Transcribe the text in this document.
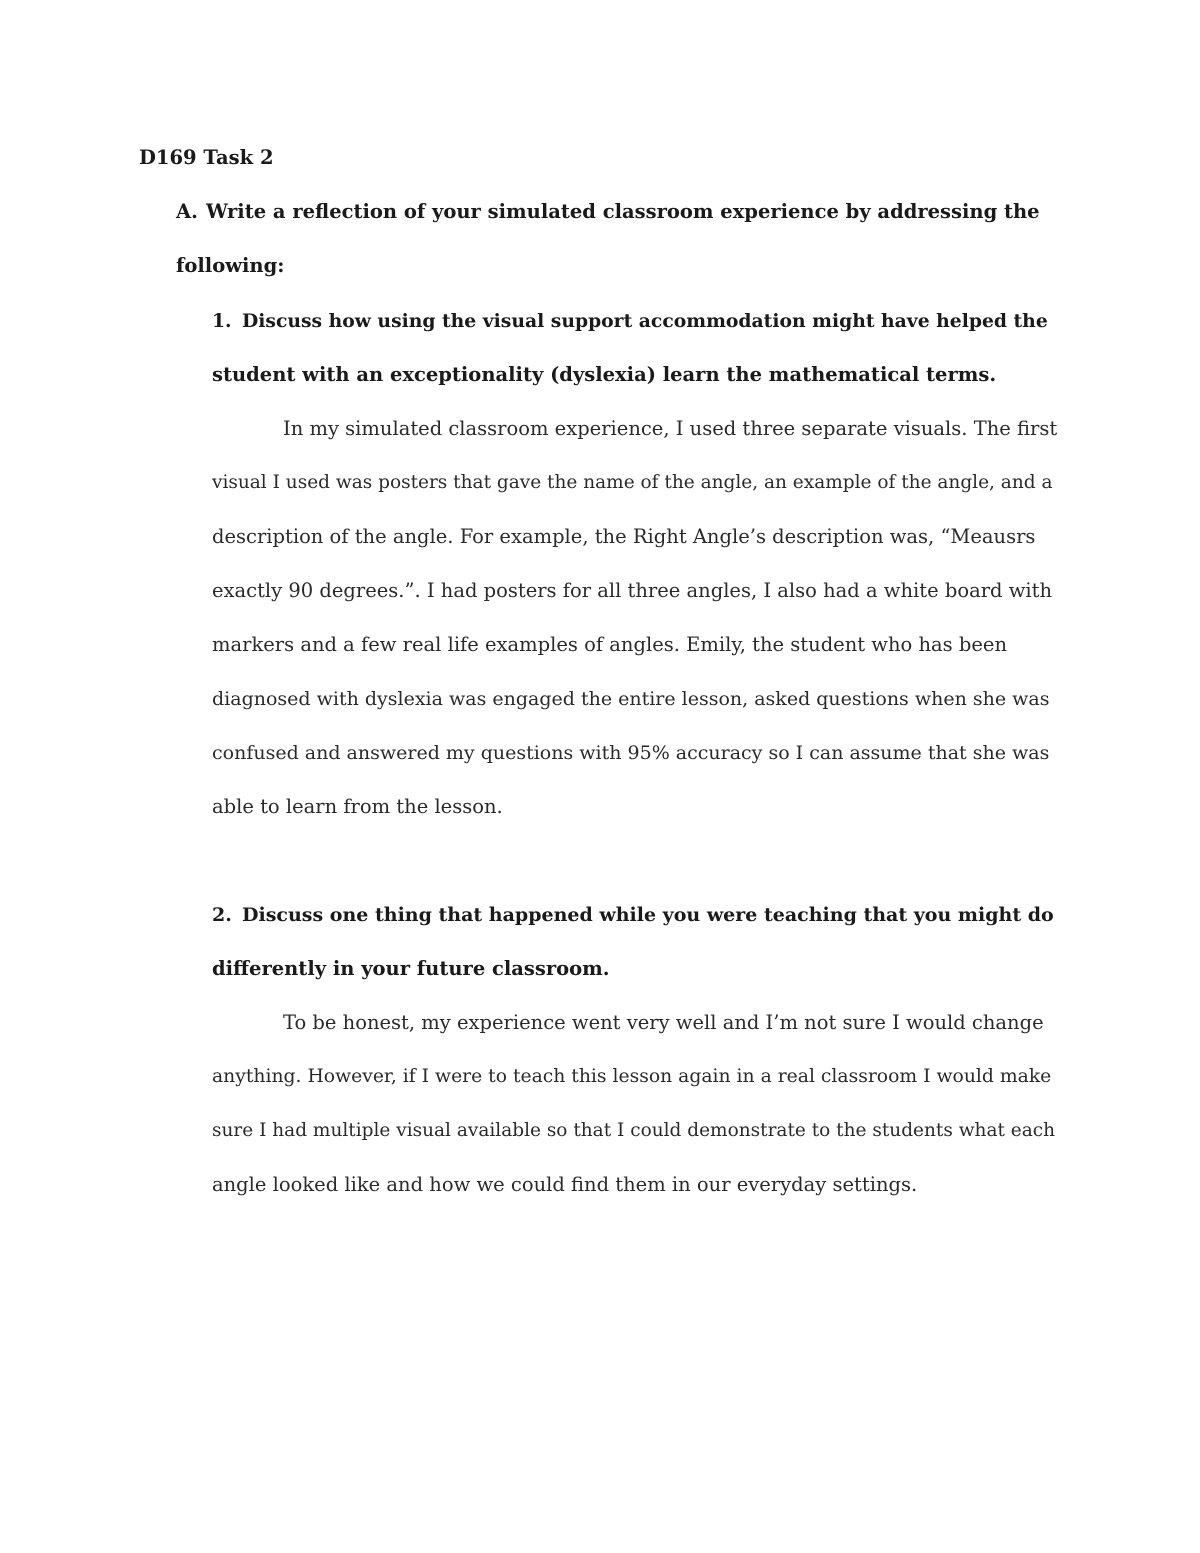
D169 Task 2
A. Write a reflection of your simulated classroom experience by addressing the
following:
1. Discuss how using the visual support accommodation might have helped the
student with an exceptionality (dyslexia) learn the mathematical terms.
In my simulated classroom experience, I used three separate visuals. The first
visual I used was posters that gave the name of the angle, an example of the angle, and a
description of the angle. For example, the Right Angle’s description was, “Meausrs
exactly 90 degrees.”. I had posters for all three angles, I also had a white board with
markers and a few real life examples of angles. Emily, the student who has been
diagnosed with dyslexia was engaged the entire lesson, asked questions when she was
confused and answered my questions with 95% accuracy so I can assume that she was
able to learn from the lesson.
2. Discuss one thing that happened while you were teaching that you might do
differently in your future classroom.
To be honest, my experience went very well and I’m not sure I would change
anything. However, if I were to teach this lesson again in a real classroom I would make
sure I had multiple visual available so that I could demonstrate to the students what each
angle looked like and how we could find them in our everyday settings.
